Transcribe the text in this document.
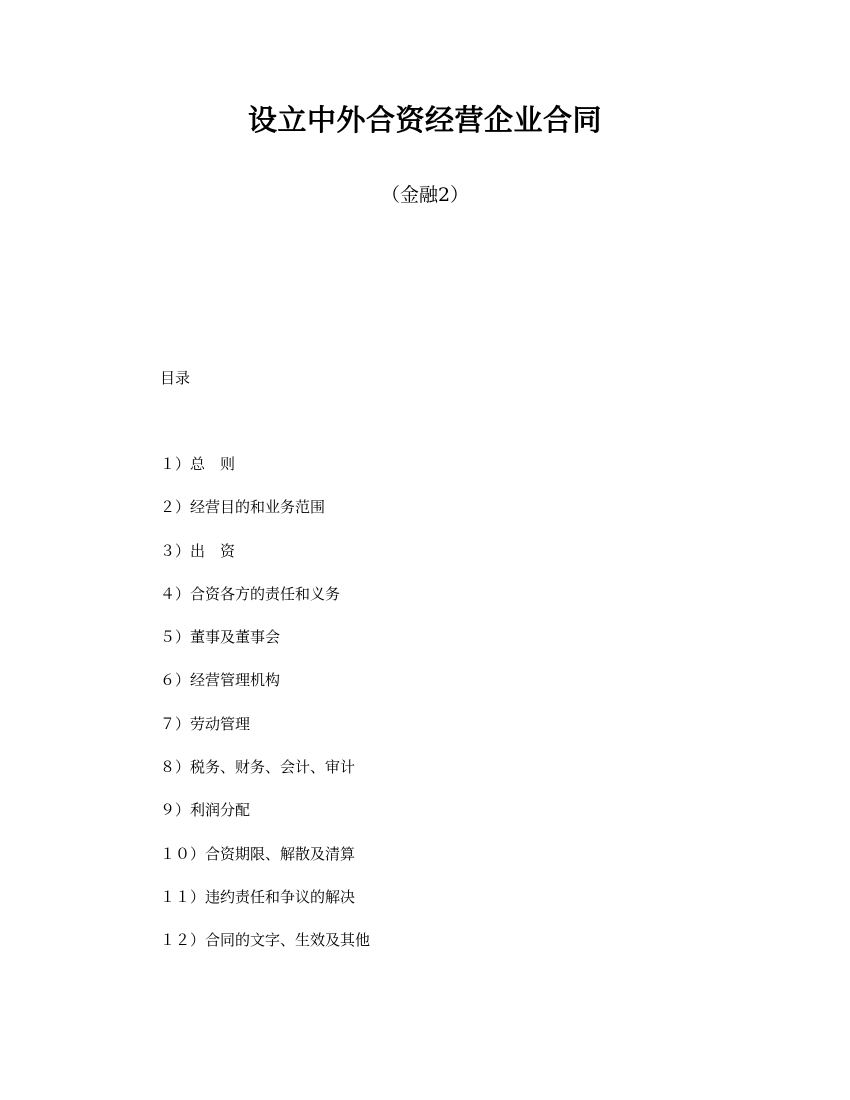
设立中外合资经营企业合同
（金融2）
目录
１）总　则
２）经营目的和业务范围
３）出　资
４）合资各方的责任和义务
５）董事及董事会
６）经营管理机构
７）劳动管理
８）税务、财务、会计、审计
９）利润分配
１０）合资期限、解散及清算
１１）违约责任和争议的解决
１２）合同的文字、生效及其他
